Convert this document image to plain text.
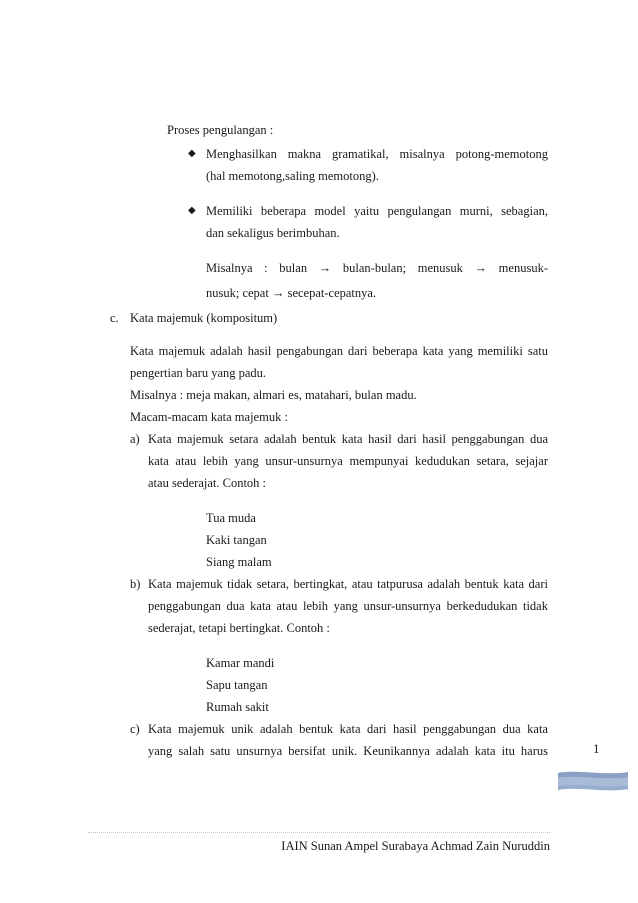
Proses pengulangan :
◆ Menghasilkan makna gramatikal, misalnya potong-memotong
(hal memotong,saling memotong).
◆ Memiliki beberapa model yaitu pengulangan murni, sebagian,
dan sekaligus berimbuhan.
Misalnya : bulan → bulan-bulan; menusuk → menusuk-
nusuk; cepat → secepat-cepatnya.
c. Kata majemuk (kompositum)
Kata majemuk adalah hasil pengabungan dari beberapa kata yang memiliki satu
pengertian baru yang padu.
Misalnya : meja makan, almari es, matahari, bulan madu.
Macam-macam kata majemuk :
a) Kata majemuk setara adalah bentuk kata hasil dari hasil penggabungan dua
kata atau lebih yang unsur-unsurnya mempunyai kedudukan setara, sejajar
atau sederajat. Contoh :
Tua muda
Kaki tangan
Siang malam
b) Kata majemuk tidak setara, bertingkat, atau tatpurusa adalah bentuk kata dari
penggabungan dua kata atau lebih yang unsur-unsurnya berkedudukan tidak
sederajat, tetapi bertingkat. Contoh :
Kamar mandi
Sapu tangan
Rumah sakit
c) Kata majemuk unik adalah bentuk kata dari hasil penggabungan dua kata
yang salah satu unsurnya bersifat unik. Keunikannya adalah kata itu harus	1
IAIN Sunan Ampel Surabaya Achmad Zain Nuruddin
